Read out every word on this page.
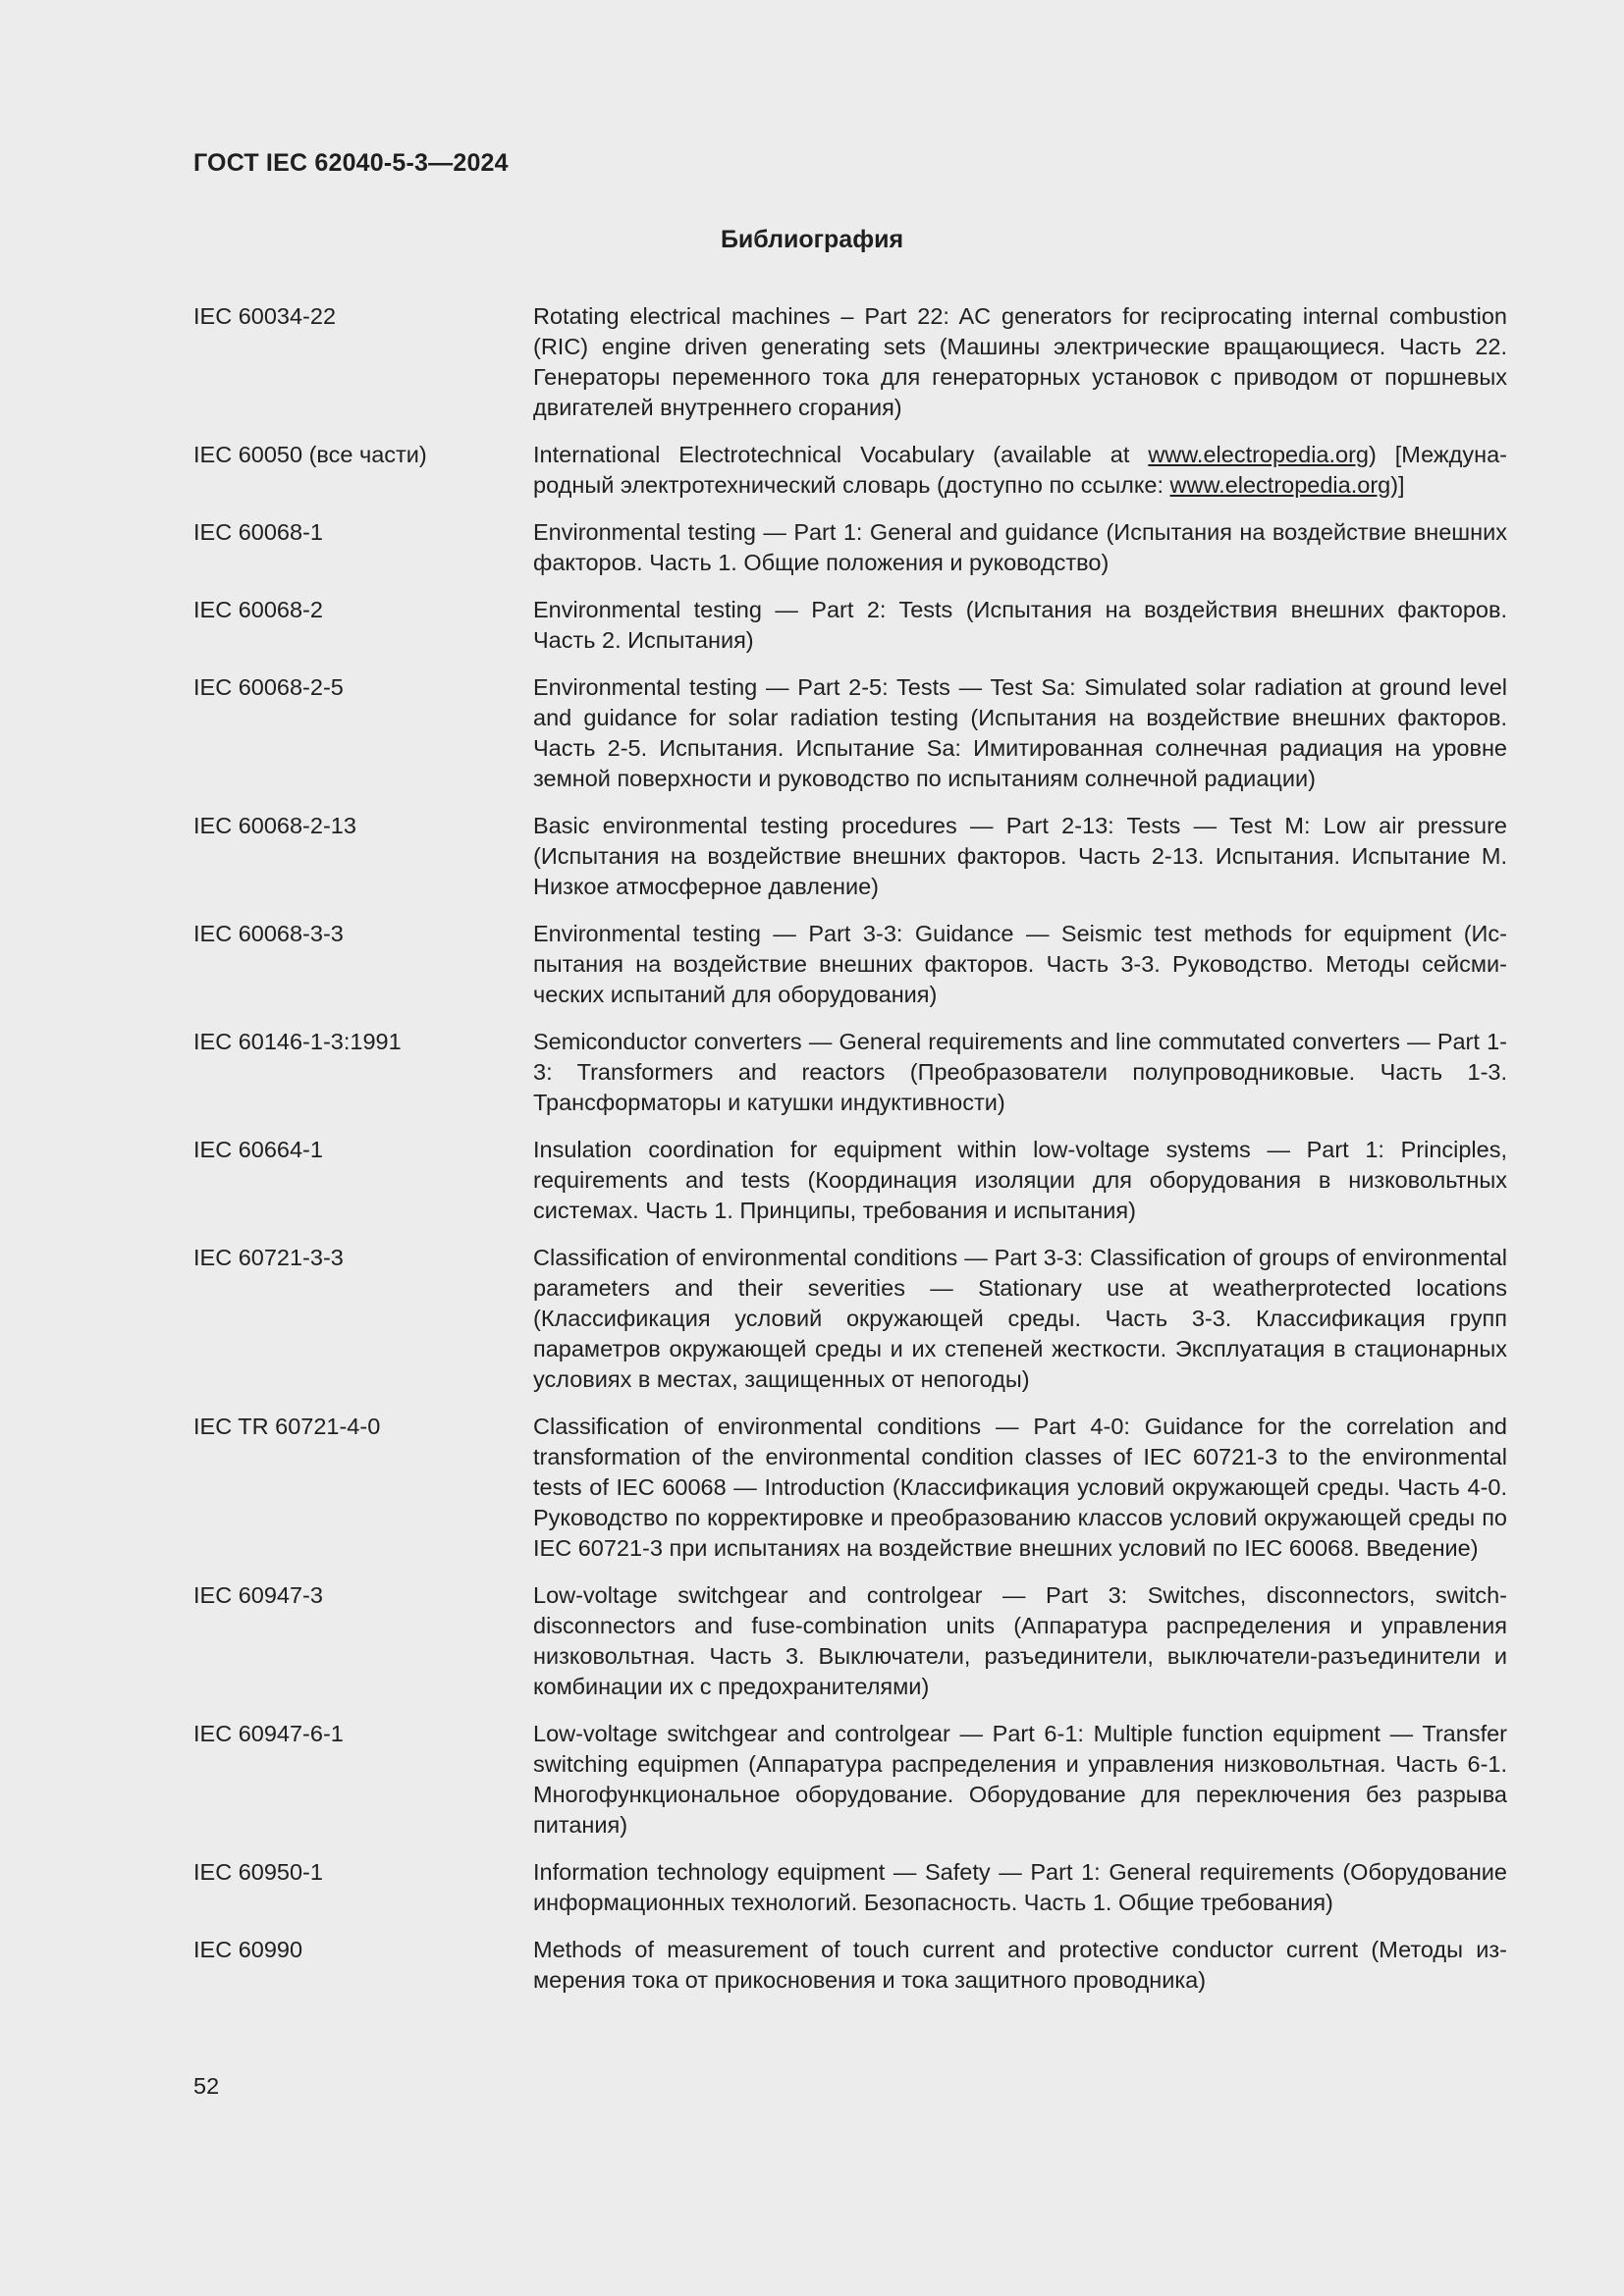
ГОСТ IEC 62040-5-3—2024
Библиография
IEC 60034-22	Rotating electrical machines – Part 22: AC generators for reciprocating internal combustion (RIC) engine driven generating sets (Машины электрические вращающиеся. Часть 22. Генераторы переменного тока для генераторных установок с приводом от поршневых двигателей внутреннего сгорания)
IEC 60050 (все части)	International Electrotechnical Vocabulary (available at www.electropedia.org) [Международный электротехнический словарь (доступно по ссылке: www.electropedia.org)]
IEC 60068-1	Environmental testing — Part 1: General and guidance (Испытания на воздействие внешних факторов. Часть 1. Общие положения и руководство)
IEC 60068-2	Environmental testing — Part 2: Tests (Испытания на воздействия внешних факторов. Часть 2. Испытания)
IEC 60068-2-5	Environmental testing — Part 2-5: Tests — Test Sa: Simulated solar radiation at ground level and guidance for solar radiation testing (Испытания на воздействие внешних факторов. Часть 2-5. Испытания. Испытание Sa: Имитированная солнечная радиация на уровне земной поверхности и руководство по испытаниям солнечной радиации)
IEC 60068-2-13	Basic environmental testing procedures — Part 2-13: Tests — Test M: Low air pressure (Испытания на воздействие внешних факторов. Часть 2-13. Испытания. Испытание M. Низкое атмосферное давление)
IEC 60068-3-3	Environmental testing — Part 3-3: Guidance — Seismic test methods for equipment (Испытания на воздействие внешних факторов. Часть 3-3. Руководство. Методы сейсмических испытаний для оборудования)
IEC 60146-1-3:1991	Semiconductor converters — General requirements and line commutated converters — Part 1-3: Transformers and reactors (Преобразователи полупроводниковые. Часть 1-3. Трансформаторы и катушки индуктивности)
IEC 60664-1	Insulation coordination for equipment within low-voltage systems — Part 1: Principles, requirements and tests (Координация изоляции для оборудования в низковольтных системах. Часть 1. Принципы, требования и испытания)
IEC 60721-3-3	Classification of environmental conditions — Part 3-3: Classification of groups of environmental parameters and their severities — Stationary use at weatherprotected locations (Классификация условий окружающей среды. Часть 3-3. Классификация групп параметров окружающей среды и их степеней жесткости. Эксплуатация в стационарных условиях в местах, защищенных от непогоды)
IEC TR 60721-4-0	Classification of environmental conditions — Part 4-0: Guidance for the correlation and transformation of the environmental condition classes of IEC 60721-3 to the environmental tests of IEC 60068 — Introduction (Классификация условий окружающей среды. Часть 4-0. Руководство по корректировке и преобразованию классов условий окружающей среды по IEC 60721-3 при испытаниях на воздействие внешних условий по IEC 60068. Введение)
IEC 60947-3	Low-voltage switchgear and controlgear — Part 3: Switches, disconnectors, switch-disconnectors and fuse-combination units (Аппаратура распределения и управления низковольтная. Часть 3. Выключатели, разъединители, выключатели-разъединители и комбинации их с предохранителями)
IEC 60947-6-1	Low-voltage switchgear and controlgear — Part 6-1: Multiple function equipment — Transfer switching equipmen (Аппаратура распределения и управления низковольтная. Часть 6-1. Многофункциональное оборудование. Оборудование для переключения без разрыва питания)
IEC 60950-1	Information technology equipment — Safety — Part 1: General requirements (Оборудование информационных технологий. Безопасность. Часть 1. Общие требования)
IEC 60990	Methods of measurement of touch current and protective conductor current (Методы измерения тока от прикосновения и тока защитного проводника)
52
